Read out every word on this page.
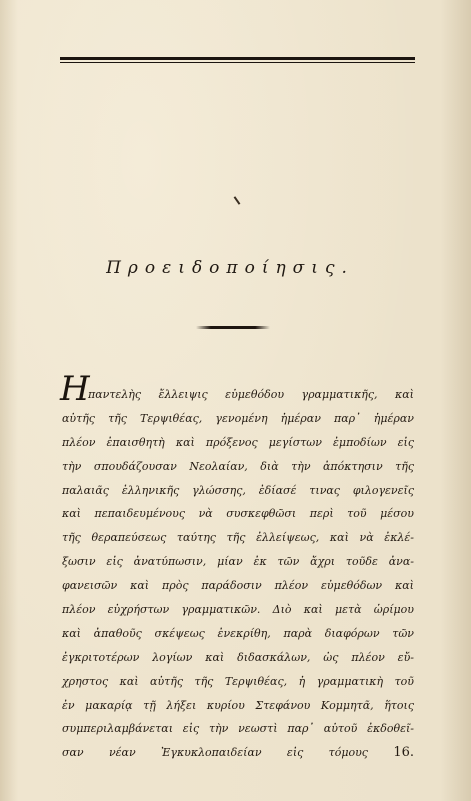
Προειδοποίησις.
Η
παντελὴς ἔλλειψις εὐμεθόδου γραμματικῆς, καὶ
αὐτῆς τῆς Τερψιθέας, γενομένη ἡμέραν παρ᾽ ἡμέραν
πλέον ἐπαισθητὴ καὶ πρόξενος μεγίστων ἐμποδίων εἰς
τὴν σπουδάζουσαν Νεολαίαν, διὰ τὴν ἀπόκτησιν τῆς
παλαιᾶς ἑλληνικῆς γλώσσης, ἐδίασέ τινας φιλογενεῖς
καὶ πεπαιδευμένους νὰ συσκεφθῶσι περὶ τοῦ μέσου
τῆς θεραπεύσεως ταύτης τῆς ἐλλείψεως, καὶ νὰ ἐκλέ-
ξωσιν εἰς ἀνατύπωσιν, μίαν ἐκ τῶν ἄχρι τοῦδε ἀνα-
φανεισῶν καὶ πρὸς παράδοσιν πλέον εὐμεθόδων καὶ
πλέον εὐχρήστων γραμματικῶν. Διὸ καὶ μετὰ ὡρίμου
καὶ ἀπαθοῦς σκέψεως ἐνεκρίθη, παρὰ διαφόρων τῶν
ἐγκριτοτέρων λογίων καὶ διδασκάλων, ὡς πλέον εὔ-
χρηστος καὶ αὐτῆς τῆς Τερψιθέας, ἡ γραμματικὴ τοῦ
ἐν μακαρίᾳ τῇ λήξει κυρίου Στεφάνου Κομμητᾶ, ἥτοις
συμπεριλαμβάνεται εἰς τὴν νεωστὶ παρ᾽ αὐτοῦ ἐκδοθεῖ-
σαν νέαν Ἐγκυκλοπαιδείαν εἰς τόμους 16.
